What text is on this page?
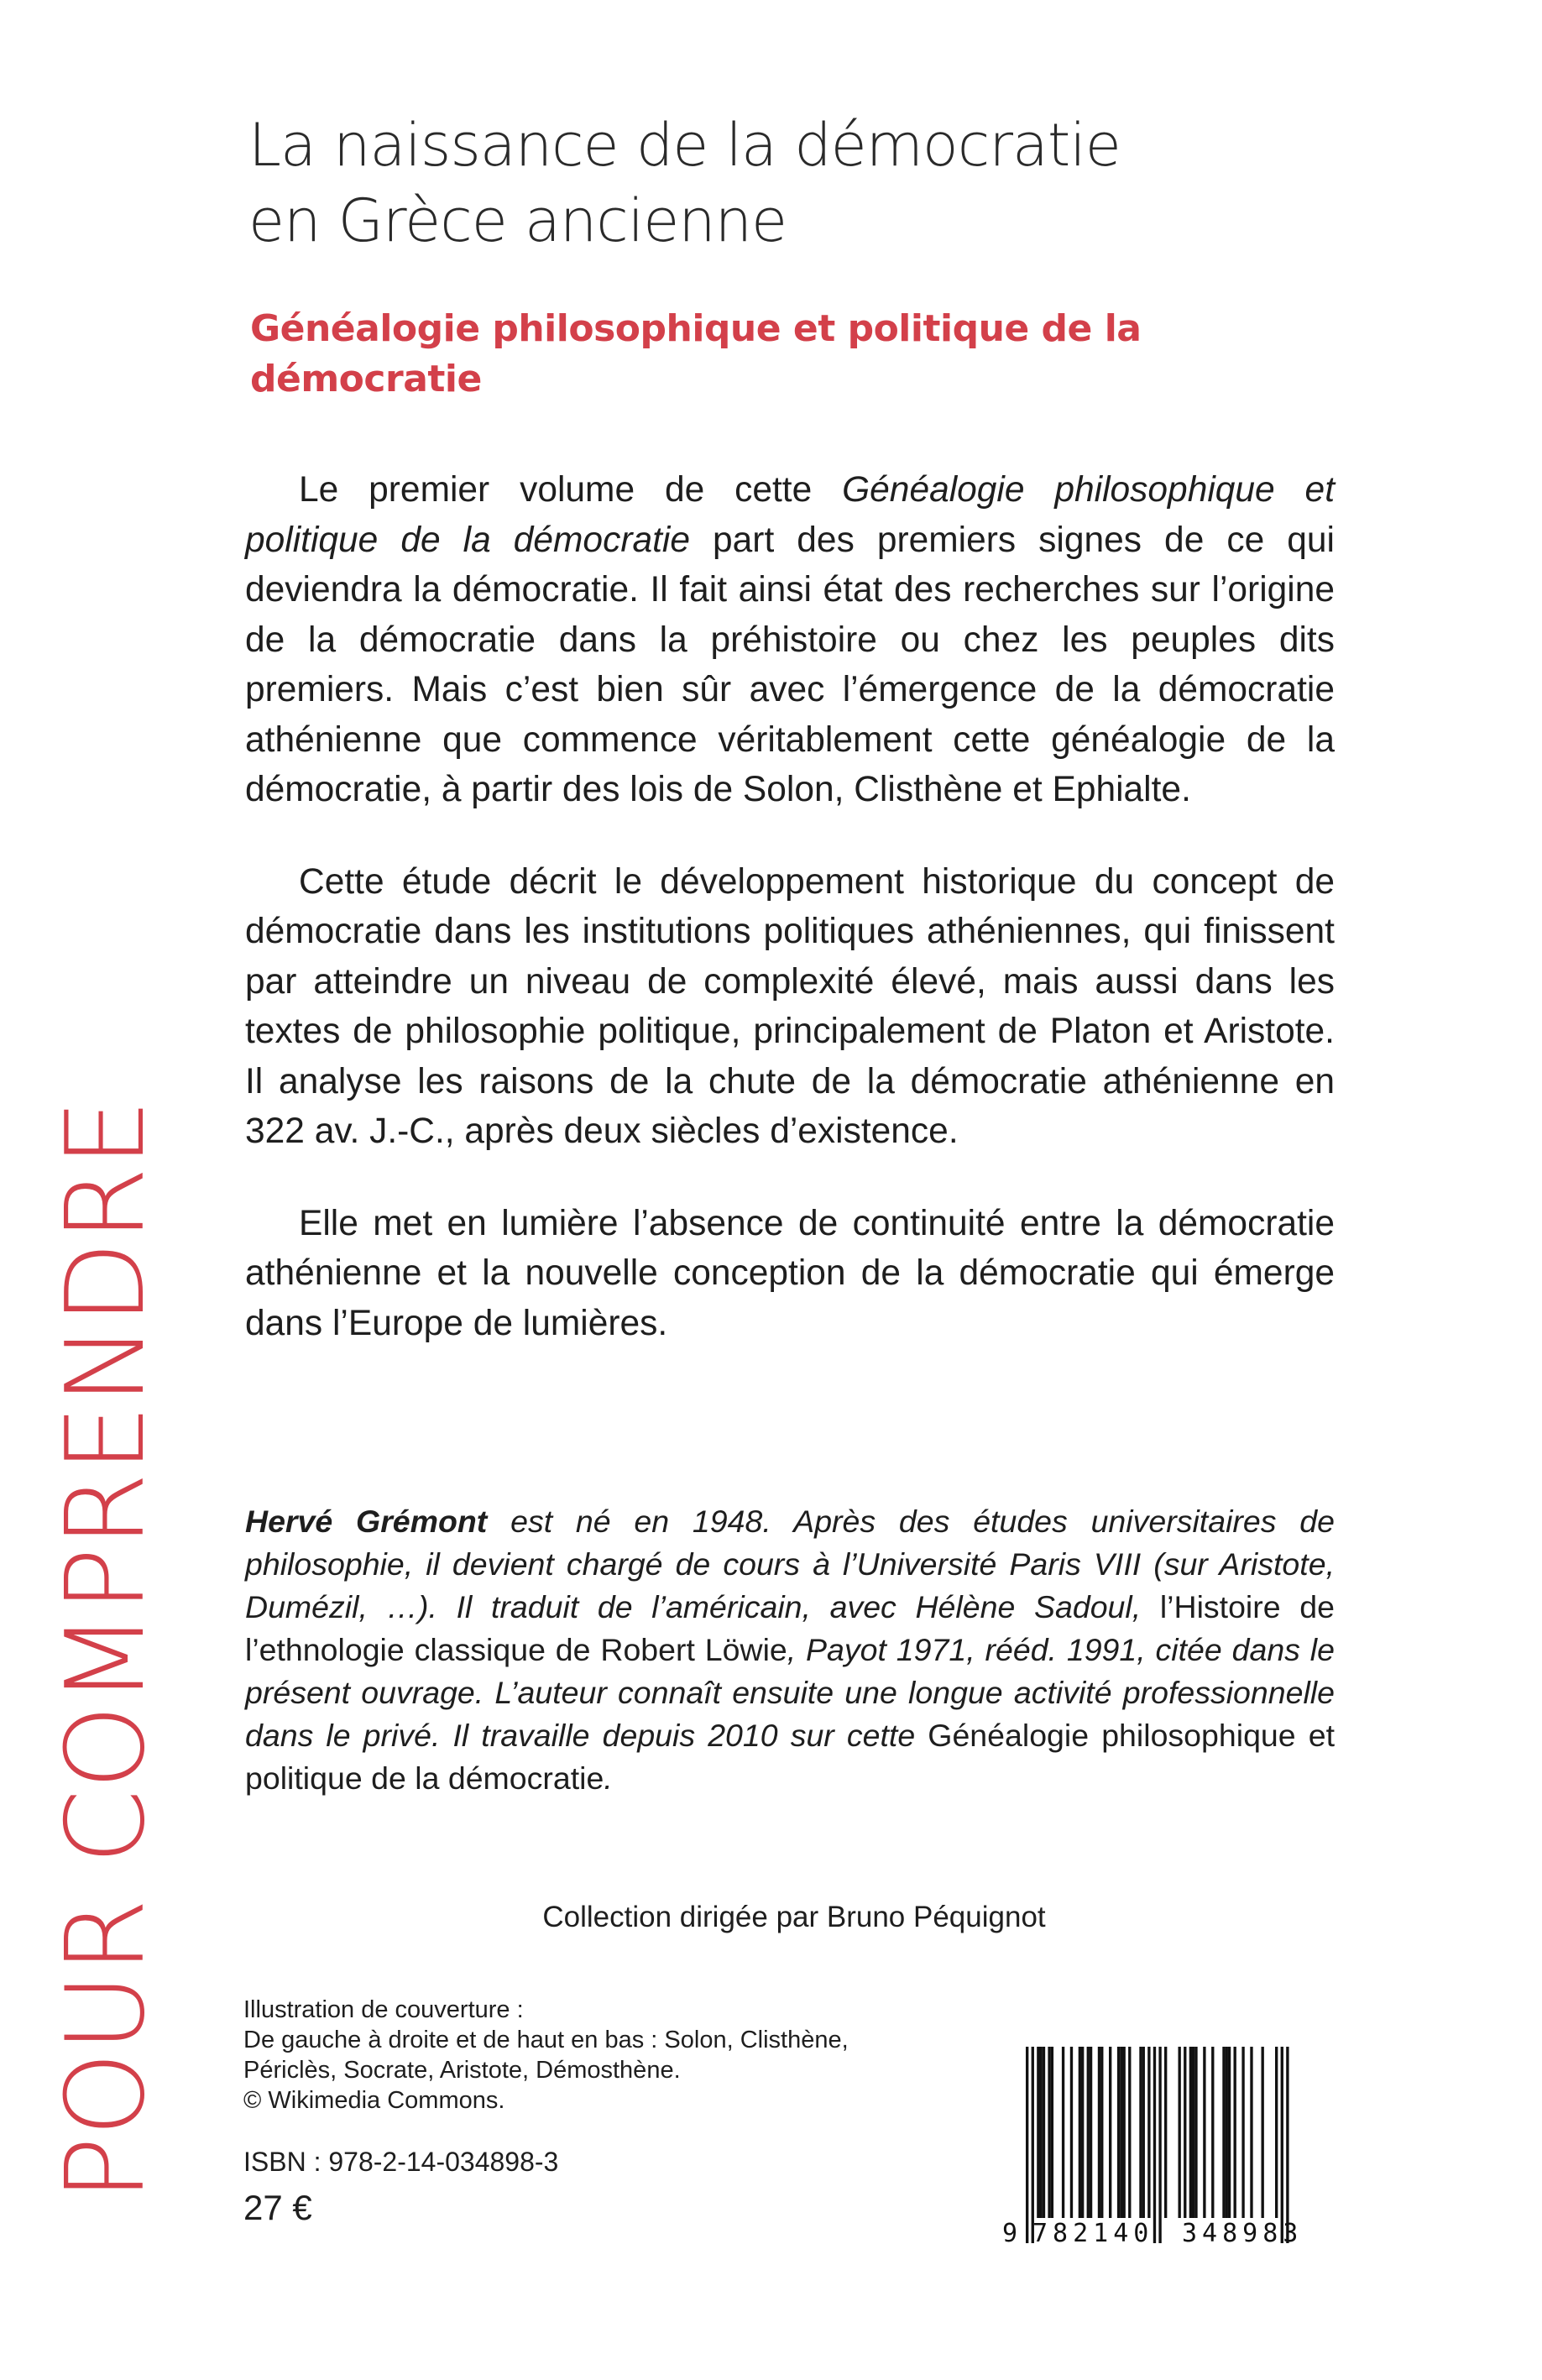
La naissance de la démocratie
en Grèce ancienne
Généalogie philosophique et politique de la démocratie

Le premier volume de cette Généalogie philosophique et politique de la démocratie part des premiers signes de ce qui deviendra la démocratie. Il fait ainsi état des recherches sur l’origine de la démocratie dans la préhistoire ou chez les peuples dits premiers. Mais c’est bien sûr avec l’émergence de la démocratie athénienne que commence véritablement cette généalogie de la démocratie, à partir des lois de Solon, Clisthène et Ephialte.

Cette étude décrit le développement historique du concept de démocratie dans les institutions politiques athéniennes, qui finissent par atteindre un niveau de complexité élevé, mais aussi dans les textes de philosophie politique, principalement de Platon et Aristote. Il analyse les raisons de la chute de la démocratie athénienne en 322 av. J.-C., après deux siècles d’existence.

Elle met en lumière l’absence de continuité entre la démocratie athénienne et la nouvelle conception de la démocratie qui émerge dans l’Europe de lumières.

Hervé Grémont est né en 1948. Après des études universitaires de philosophie, il devient chargé de cours à l’Université Paris VIII (sur Aristote, Dumézil, …). Il traduit de l’américain, avec Hélène Sadoul, l’Histoire de l’ethnologie classique de Robert Löwie, Payot 1971, rééd. 1991, citée dans le présent ouvrage. L’auteur connaît ensuite une longue activité professionnelle dans le privé. Il travaille depuis 2010 sur cette Généalogie philosophique et politique de la démocratie.

Collection dirigée par Bruno Péquignot
Illustration de couverture :
De gauche à droite et de haut en bas : Solon, Clisthène,
Périclès, Socrate, Aristote, Démosthène.
© Wikimedia Commons.
ISBN : 978-2-14-034898-3
27 €
POUR COMPRENDRE
9 782140 348983
